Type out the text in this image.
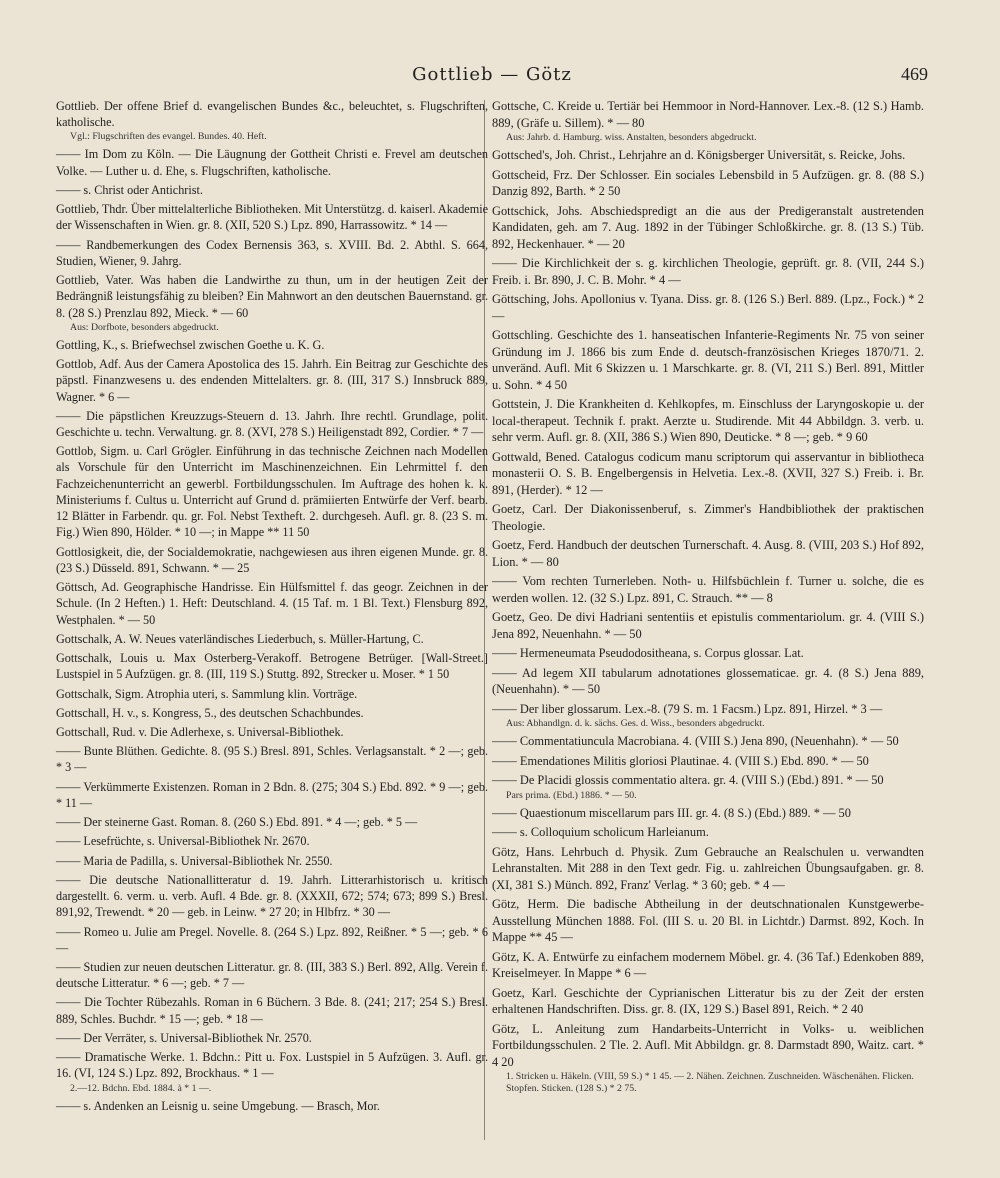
Gottlieb — Götz	469

Gottlieb. Der offene Brief d. evangelischen Bundes &c., beleuchtet, s. Flugschriften, katholische.

Vgl.: Flugschriften des evangel. Bundes. 40. Heft.

—— Im Dom zu Köln. — Die Läugnung der Gottheit Christi e. Frevel am deutschen Volke. — Luther u. d. Ehe, s. Flugschriften, katholische.

—— s. Christ oder Antichrist.

Gottlieb, Thdr. Über mittelalterliche Bibliotheken. Mit Unterstützg. d. kaiserl. Akademie der Wissenschaften in Wien. gr. 8. (XII, 520 S.) Lpz. 890, Harrassowitz. * 14 —

—— Randbemerkungen des Codex Bernensis 363, s. XVIII. Bd. 2. Abthl. S. 664, Studien, Wiener, 9. Jahrg.

Gottlieb, Vater. Was haben die Landwirthe zu thun, um in der heutigen Zeit der Bedrängniß leistungsfähig zu bleiben? Ein Mahnwort an den deutschen Bauernstand. gr. 8. (28 S.) Prenzlau 892, Mieck. * — 60

Aus: Dorfbote, besonders abgedruckt.

Gottling, K., s. Briefwechsel zwischen Goethe u. K. G.

Gottlob, Adf. Aus der Camera Apostolica des 15. Jahrh. Ein Beitrag zur Geschichte des päpstl. Finanzwesens u. des endenden Mittelalters. gr. 8. (III, 317 S.) Innsbruck 889, Wagner. * 6 —

—— Die päpstlichen Kreuzzugs-Steuern d. 13. Jahrh. Ihre rechtl. Grundlage, polit. Geschichte u. techn. Verwaltung. gr. 8. (XVI, 278 S.) Heiligenstadt 892, Cordier. * 7 —

Gottlob, Sigm. u. Carl Grögler. Einführung in das technische Zeichnen nach Modellen als Vorschule für den Unterricht im Maschinenzeichnen. Ein Lehrmittel f. den Fachzeichenunterricht an gewerbl. Fortbildungsschulen. Im Auftrage des hohen k. k. Ministeriums f. Cultus u. Unterricht auf Grund d. prämiierten Entwürfe der Verf. bearb. 12 Blätter in Farbendr. qu. gr. Fol. Nebst Textheft. 2. durchgeseh. Aufl. gr. 8. (23 S. m. Fig.) Wien 890, Hölder. * 10 —; in Mappe ** 11 50

Gottlosigkeit, die, der Socialdemokratie, nachgewiesen aus ihren eigenen Munde. gr. 8. (23 S.) Düsseld. 891, Schwann. * — 25

Göttsch, Ad. Geographische Handrisse. Ein Hülfsmittel f. das geogr. Zeichnen in der Schule. (In 2 Heften.) 1. Heft: Deutschland. 4. (15 Taf. m. 1 Bl. Text.) Flensburg 892, Westphalen. * — 50

Gottschalk, A. W. Neues vaterländisches Liederbuch, s. Müller-Hartung, C.

Gottschalk, Louis u. Max Osterberg-Verakoff. Betrogene Betrüger. [Wall-Street.] Lustspiel in 5 Aufzügen. gr. 8. (III, 119 S.) Stuttg. 892, Strecker u. Moser. * 1 50

Gottschalk, Sigm. Atrophia uteri, s. Sammlung klin. Vorträge.

Gottschall, H. v., s. Kongress, 5., des deutschen Schachbundes.

Gottschall, Rud. v. Die Adlerhexe, s. Universal-Bibliothek.

—— Bunte Blüthen. Gedichte. 8. (95 S.) Bresl. 891, Schles. Verlagsanstalt. * 2 —; geb. * 3 —

—— Verkümmerte Existenzen. Roman in 2 Bdn. 8. (275; 304 S.) Ebd. 892. * 9 —; geb. * 11 —

—— Der steinerne Gast. Roman. 8. (260 S.) Ebd. 891. * 4 —; geb. * 5 —

—— Lesefrüchte, s. Universal-Bibliothek Nr. 2670.

—— Maria de Padilla, s. Universal-Bibliothek Nr. 2550.

—— Die deutsche Nationallitteratur d. 19. Jahrh. Litterarhistorisch u. kritisch dargestellt. 6. verm. u. verb. Aufl. 4 Bde. gr. 8. (XXXII, 672; 574; 673; 899 S.) Bresl. 891,92, Trewendt. * 20 — geb. in Leinw. * 27 20; in Hlbfrz. * 30 —

—— Romeo u. Julie am Pregel. Novelle. 8. (264 S.) Lpz. 892, Reißner. * 5 —; geb. * 6 —

—— Studien zur neuen deutschen Litteratur. gr. 8. (III, 383 S.) Berl. 892, Allg. Verein f. deutsche Litteratur. * 6 —; geb. * 7 —

—— Die Tochter Rübezahls. Roman in 6 Büchern. 3 Bde. 8. (241; 217; 254 S.) Bresl. 889, Schles. Buchdr. * 15 —; geb. * 18 —

—— Der Verräter, s. Universal-Bibliothek Nr. 2570.

—— Dramatische Werke. 1. Bdchn.: Pitt u. Fox. Lustspiel in 5 Aufzügen. 3. Aufl. gr. 16. (VI, 124 S.) Lpz. 892, Brockhaus. * 1 —

2.—12. Bdchn. Ebd. 1884. à * 1 —.

—— s. Andenken an Leisnig u. seine Umgebung. — Brasch, Mor.

Gottsche, C. Kreide u. Tertiär bei Hemmoor in Nord-Hannover. Lex.-8. (12 S.) Hamb. 889, (Gräfe u. Sillem). * — 80

Aus: Jahrb. d. Hamburg. wiss. Anstalten, besonders abgedruckt.

Gottsched's, Joh. Christ., Lehrjahre an d. Königsberger Universität, s. Reicke, Johs.

Gottscheid, Frz. Der Schlosser. Ein sociales Lebensbild in 5 Aufzügen. gr. 8. (88 S.) Danzig 892, Barth. * 2 50

Gottschick, Johs. Abschiedspredigt an die aus der Predigeranstalt austretenden Kandidaten, geh. am 7. Aug. 1892 in der Tübinger Schloßkirche. gr. 8. (13 S.) Tüb. 892, Heckenhauer. * — 20

—— Die Kirchlichkeit der s. g. kirchlichen Theologie, geprüft. gr. 8. (VII, 244 S.) Freib. i. Br. 890, J. C. B. Mohr. * 4 —

Göttsching, Johs. Apollonius v. Tyana. Diss. gr. 8. (126 S.) Berl. 889. (Lpz., Fock.) * 2 —

Gottschling. Geschichte des 1. hanseatischen Infanterie-Regiments Nr. 75 von seiner Gründung im J. 1866 bis zum Ende d. deutsch-französischen Krieges 1870/71. 2. unveränd. Aufl. Mit 6 Skizzen u. 1 Marschkarte. gr. 8. (VI, 211 S.) Berl. 891, Mittler u. Sohn. * 4 50

Gottstein, J. Die Krankheiten d. Kehlkopfes, m. Einschluss der Laryngoskopie u. der local-therapeut. Technik f. prakt. Aerzte u. Studirende. Mit 44 Abbildgn. 3. verb. u. sehr verm. Aufl. gr. 8. (XII, 386 S.) Wien 890, Deuticke. * 8 —; geb. * 9 60

Gottwald, Bened. Catalogus codicum manu scriptorum qui asservantur in bibliotheca monasterii O. S. B. Engelbergensis in Helvetia. Lex.-8. (XVII, 327 S.) Freib. i. Br. 891, (Herder). * 12 —

Goetz, Carl. Der Diakonissenberuf, s. Zimmer's Handbibliothek der praktischen Theologie.

Goetz, Ferd. Handbuch der deutschen Turnerschaft. 4. Ausg. 8. (VIII, 203 S.) Hof 892, Lion. * — 80

—— Vom rechten Turnerleben. Noth- u. Hilfsbüchlein f. Turner u. solche, die es werden wollen. 12. (32 S.) Lpz. 891, C. Strauch. ** — 8

Goetz, Geo. De divi Hadriani sententiis et epistulis commentariolum. gr. 4. (VIII S.) Jena 892, Neuenhahn. * — 50

—— Hermeneumata Pseudodositheana, s. Corpus glossar. Lat.

—— Ad legem XII tabularum adnotationes glossematicae. gr. 4. (8 S.) Jena 889, (Neuenhahn). * — 50

—— Der liber glossarum. Lex.-8. (79 S. m. 1 Facsm.) Lpz. 891, Hirzel. * 3 —

Aus: Abhandlgn. d. k. sächs. Ges. d. Wiss., besonders abgedruckt.

—— Commentatiuncula Macrobiana. 4. (VIII S.) Jena 890, (Neuenhahn). * — 50

—— Emendationes Militis gloriosi Plautinae. 4. (VIII S.) Ebd. 890. * — 50

—— De Placidi glossis commentatio altera. gr. 4. (VIII S.) (Ebd.) 891. * — 50

Pars prima. (Ebd.) 1886. * — 50.

—— Quaestionum miscellarum pars III. gr. 4. (8 S.) (Ebd.) 889. * — 50

—— s. Colloquium scholicum Harleianum.

Götz, Hans. Lehrbuch d. Physik. Zum Gebrauche an Realschulen u. verwandten Lehranstalten. Mit 288 in den Text gedr. Fig. u. zahlreichen Übungsaufgaben. gr. 8. (XI, 381 S.) Münch. 892, Franz' Verlag. * 3 60; geb. * 4 —

Götz, Herm. Die badische Abtheilung in der deutschnationalen Kunstgewerbe-Ausstellung München 1888. Fol. (III S. u. 20 Bl. in Lichtdr.) Darmst. 892, Koch. In Mappe ** 45 —

Götz, K. A. Entwürfe zu einfachem modernem Möbel. gr. 4. (36 Taf.) Edenkoben 889, Kreiselmeyer. In Mappe * 6 —

Goetz, Karl. Geschichte der Cyprianischen Litteratur bis zu der Zeit der ersten erhaltenen Handschriften. Diss. gr. 8. (IX, 129 S.) Basel 891, Reich. * 2 40

Götz, L. Anleitung zum Handarbeits-Unterricht in Volks- u. weiblichen Fortbildungsschulen. 2 Tle. 2. Aufl. Mit Abbildgn. gr. 8. Darmstadt 890, Waitz. cart. * 4 20

1. Stricken u. Häkeln. (VIII, 59 S.) * 1 45. — 2. Nähen. Zeichnen. Zuschneiden. Wäschenähen. Flicken. Stopfen. Sticken. (128 S.) * 2 75.
